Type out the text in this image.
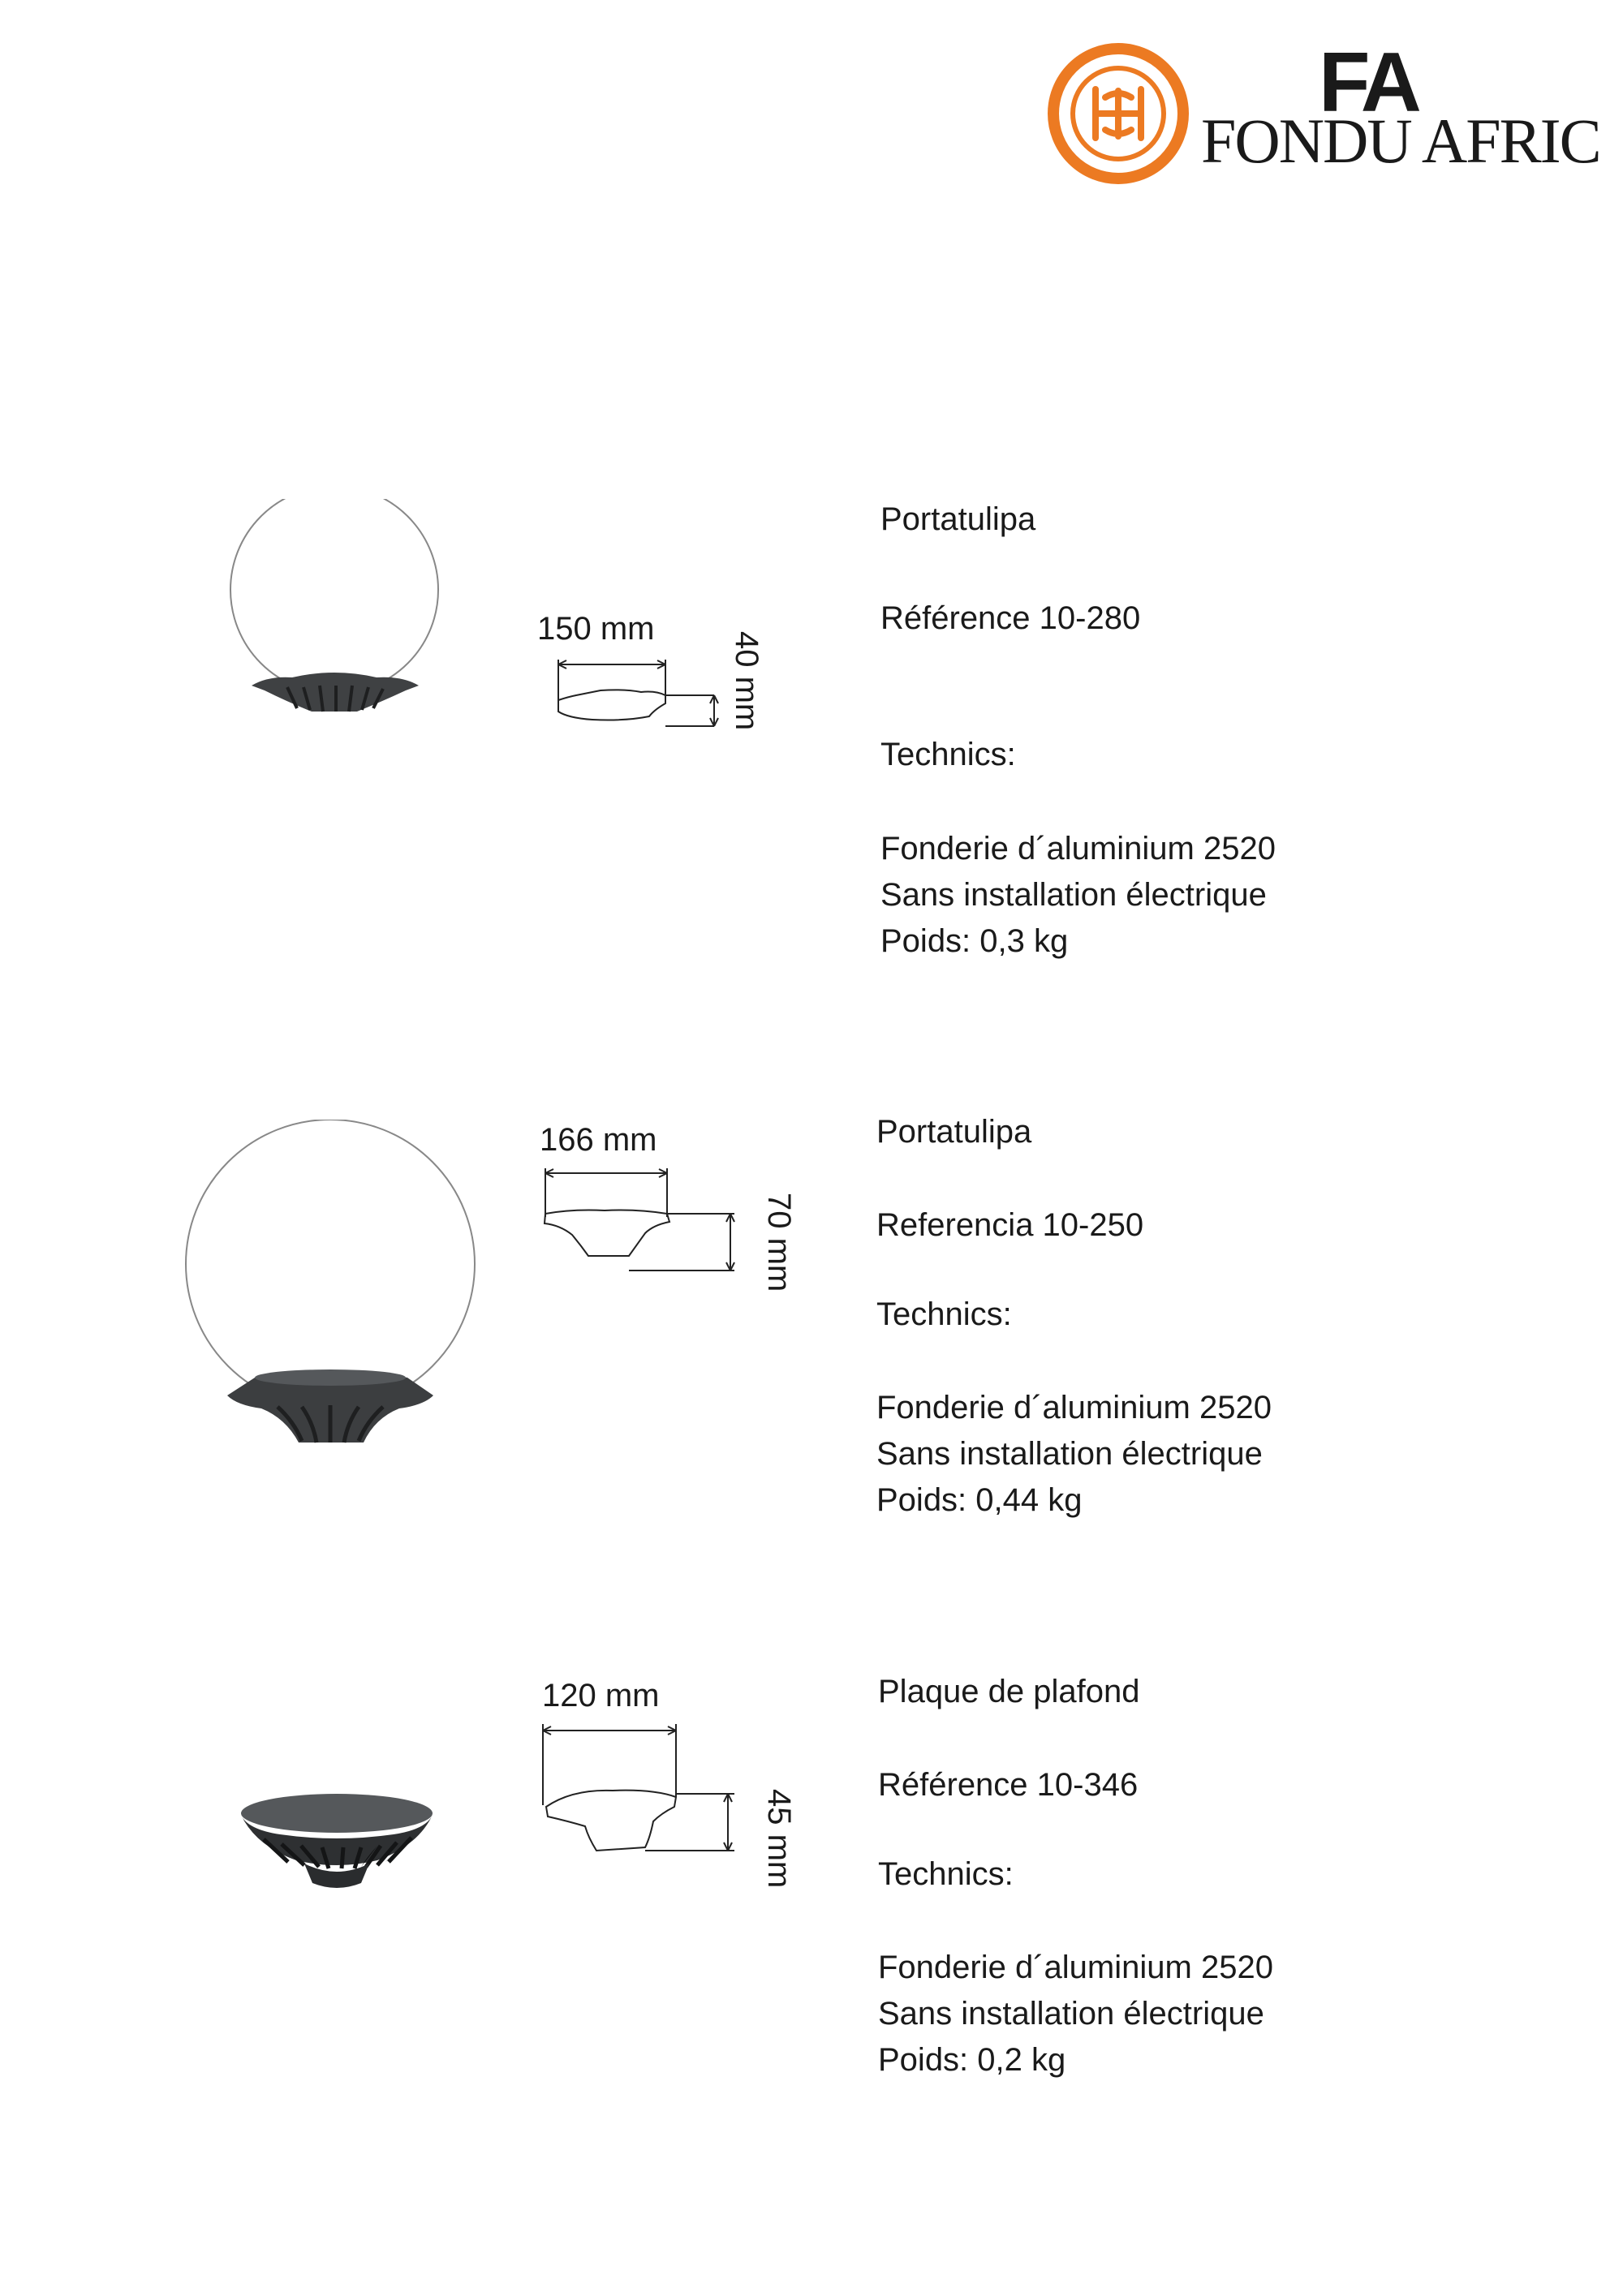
FA
FONDU AFRIC
150 mm
40 mm
Portatulipa
Référence 10-280
Technics:
Fonderie d´aluminium 2520
Sans installation électrique
Poids: 0,3 kg
166 mm
70 mm
Portatulipa
Referencia 10-250
Technics:
Fonderie d´aluminium 2520
Sans installation électrique
Poids: 0,44 kg
120 mm
45 mm
Plaque de plafond
Référence 10-346
Technics:
Fonderie d´aluminium 2520
Sans installation électrique
Poids: 0,2 kg
